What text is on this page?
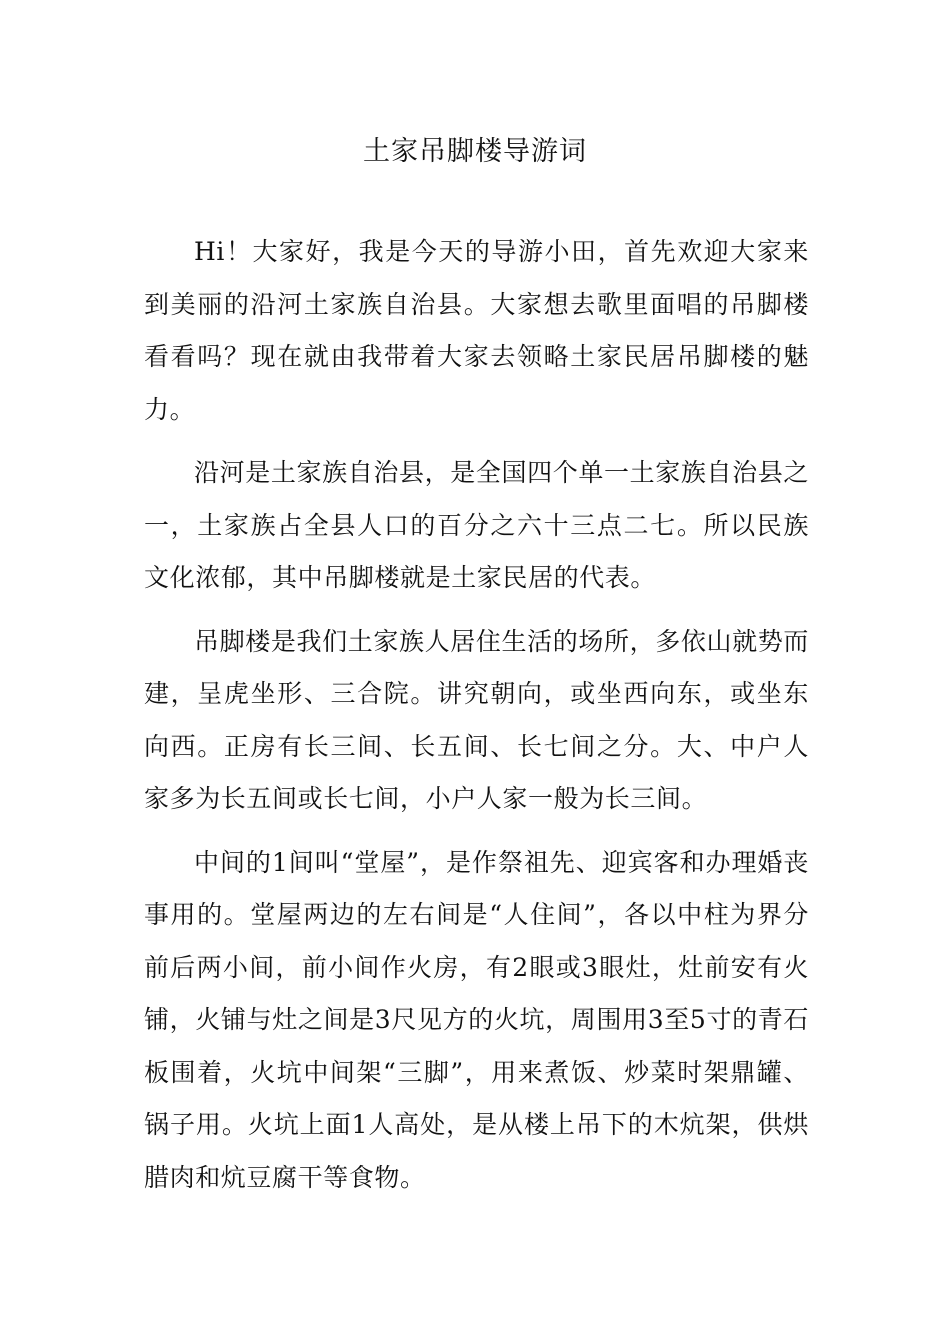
土家吊脚楼导游词

Hi！大家好，我是今天的导游小田，首先欢迎大家来到美丽的沿河土家族自治县。大家想去歌里面唱的吊脚楼看看吗？现在就由我带着大家去领略土家民居吊脚楼的魅力。

沿河是土家族自治县，是全国四个单一土家族自治县之一，土家族占全县人口的百分之六十三点二七。所以民族文化浓郁，其中吊脚楼就是土家民居的代表。

吊脚楼是我们土家族人居住生活的场所，多依山就势而建，呈虎坐形、三合院。讲究朝向，或坐西向东，或坐东向西。正房有长三间、长五间、长七间之分。大、中户人家多为长五间或长七间，小户人家一般为长三间。

中间的1间叫“堂屋”，是作祭祖先、迎宾客和办理婚丧事用的。堂屋两边的左右间是“人住间”，各以中柱为界分前后两小间，前小间作火房，有2眼或3眼灶，灶前安有火铺，火铺与灶之间是3尺见方的火坑，周围用3至5寸的青石板围着，火坑中间架“三脚”，用来煮饭、炒菜时架鼎罐、锅子用。火坑上面1人高处，是从楼上吊下的木炕架，供烘腊肉和炕豆腐干等食物。
